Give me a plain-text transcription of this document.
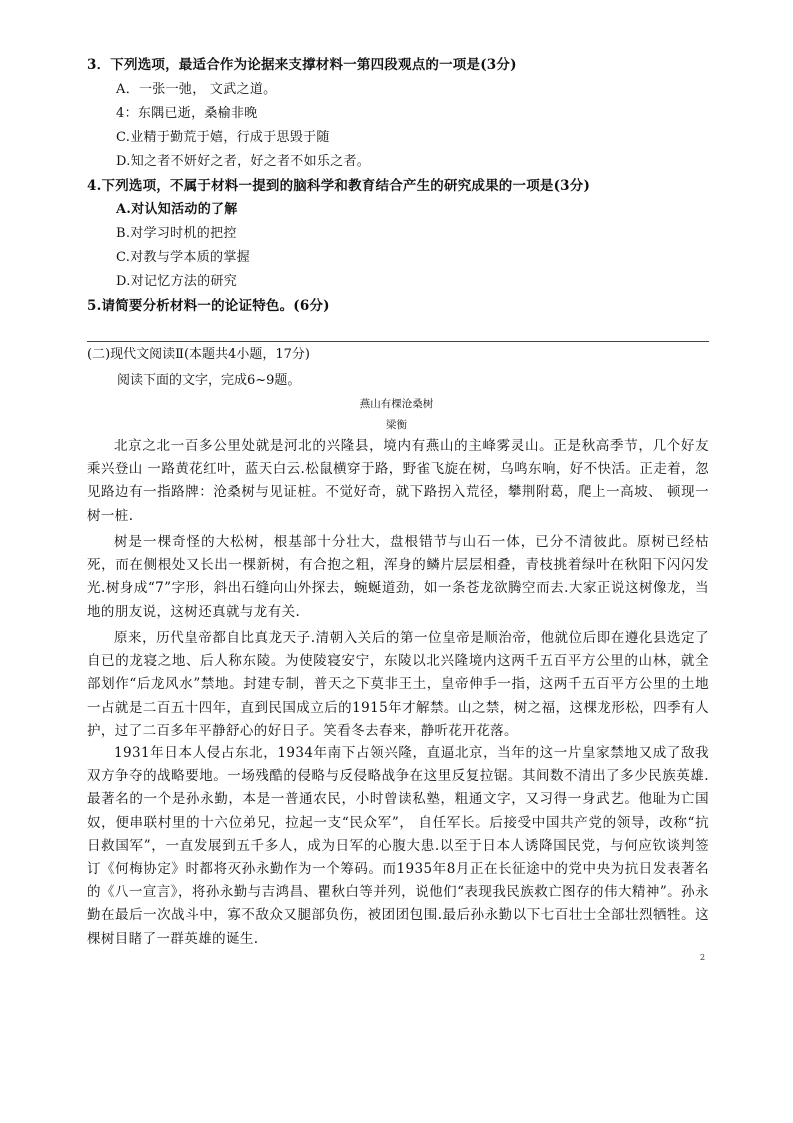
3．下列选项，最适合作为论据来支撑材料一第四段观点的一项是(3分)
A．一张一弛， 文武之道。
4：东隅已逝，桑榆非晚
C.业精于勤荒于嬉，行成于思毁于随
D.知之者不妍好之者，好之者不如乐之者。
4.下列选项，不属于材料一提到的脑科学和教育结合产生的研究成果的一项是(3分)
A.对认知活动的了解
B.对学习时机的把控
C.对教与学本质的掌握
D.对记忆方法的研究
5.请简要分析材料一的论证特色。(6分)
(二)现代文阅读Ⅱ(本题共4小题，17分)
阅读下面的文字，完成6~9题。
燕山有棵沧桑树
梁衡

北京之北一百多公里处就是河北的兴隆县，境内有燕山的主峰雾灵山。正是秋高季节，几个好友乘兴登山 一路黄花红叶，蓝天白云.松鼠横穿于路，野雀飞旋在树，乌鸣东响，好不快活。正走着，忽见路边有一指路牌：沧桑树与见证桩。不觉好奇，就下路拐入荒径，攀荆附葛，爬上一高坡、 顿现一树一桩.

树是一棵奇怪的大松树，根基部十分壮大，盘根错节与山石一体，已分不清彼此。原树已经枯死，而在侧根处又长出一棵新树，有合抱之粗，浑身的鳞片层层相叠，青枝挑着绿叶在秋阳下闪闪发光.树身成“7”字形，斜出石缝向山外探去，蜿蜒道劲，如一条苍龙欲腾空而去.大家正说这树像龙，当地的朋友说，这树还真就与龙有关.

原来，历代皇帝都自比真龙天子.清朝入关后的第一位皇帝是顺治帝，他就位后即在遵化县选定了自已的龙寝之地、后人称东陵。为使陵寝安宁，东陵以北兴隆境内这两千五百平方公里的山林，就全部划作“后龙风水”禁地。封建专制，普天之下莫非王土，皇帝伸手一指，这两千五百平方公里的土地一占就是二百五十四年，直到民国成立后的1915年才解禁。山之禁，树之福，这棵龙形松，四季有人护，过了二百多年平静舒心的好日子。笑看冬去春来，静听花开花落。

1931年日本人侵占东北，1934年南下占领兴隆，直逼北京，当年的这一片皇家禁地又成了敌我双方争夺的战略要地。一场残酷的侵略与反侵略战争在这里反复拉锯。其间数不清出了多少民族英雄.最著名的一个是孙永勤，本是一普通农民，小时曾读私塾，粗通文字，又习得一身武艺。他耻为亡国奴，便串联村里的十六位弟兄，拉起一支“民众军”， 自任军长。后接受中国共产党的领导，改称“抗日救国军”，一直发展到五千多人，成为日军的心腹大患.以至于日本人诱降国民党，与何应钦谈判签订《何梅协定》时都将灭孙永勤作为一个筹码。而1935年8月正在长征途中的党中央为抗日发表著名的《八一宣言》，将孙永勤与吉鸿昌、瞿秋白等并列，说他们“表现我民族救亡图存的伟大精神”。孙永勤在最后一次战斗中，寡不敌众又腿部负伤，被团团包围.最后孙永勤以下七百壮士全部壮烈牺牲。这棵树目睹了一群英雄的诞生.

2
